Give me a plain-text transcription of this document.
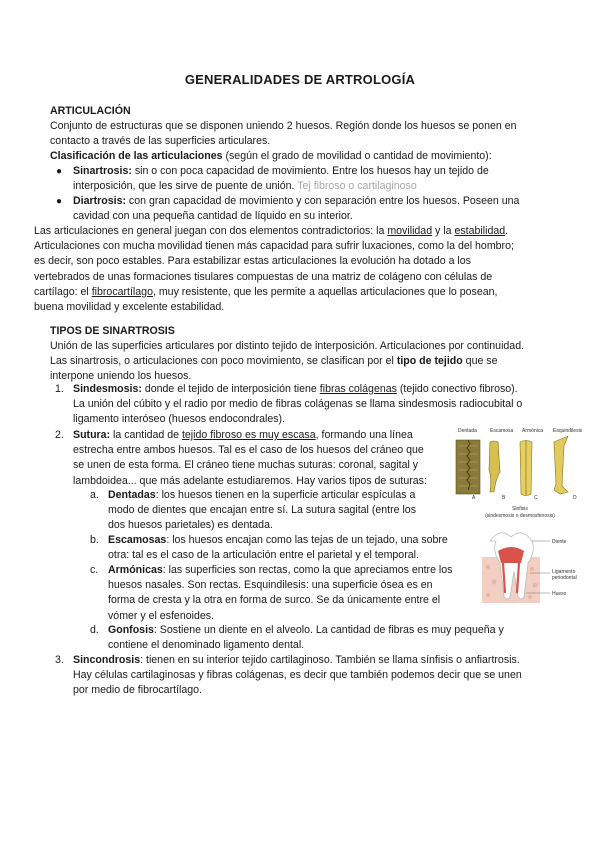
GENERALIDADES DE ARTROLOGÍA
ARTICULACIÓN

Conjunto de estructuras que se disponen uniendo 2 huesos. Región donde los huesos se ponen en

contacto a través de las superficies articulares.

Clasificación de las articulaciones (según el grado de movilidad o cantidad de movimiento):

● Sinartrosis: sin o con poca capacidad de movimiento. Entre los huesos hay un tejido de

interposición, que les sirve de puente de unión. Tej fibroso o cartilaginoso

● Diartrosis: con gran capacidad de movimiento y con separación entre los huesos. Poseen una

cavidad con una pequeña cantidad de líquido en su interior.

Las articulaciones en general juegan con dos elementos contradictorios: la movilidad y la estabilidad.

Articulaciones con mucha movilidad tienen más capacidad para sufrir luxaciones, como la del hombro;

es decir, son poco estables. Para estabilizar estas articulaciones la evolución ha dotado a los

vertebrados de unas formaciones tisulares compuestas de una matriz de colágeno con células de

cartílago: el fibrocartílago, muy resistente, que les permite a aquellas articulaciones que lo posean,

buena movilidad y excelente estabilidad.

TIPOS DE SINARTROSIS

Unión de las superficies articulares por distinto tejido de interposición. Articulaciones por continuidad.

Las sinartrosis, o articulaciones con poco movimiento, se clasifican por el tipo de tejido que se

interpone uniendo los huesos.

1. Sindesmosis: donde el tejido de interposición tiene fibras colágenas (tejido conectivo fibroso).

La unión del cúbito y el radio por medio de fibras colágenas se llama sindesmosis radiocubital o

ligamento interóseo (huesos endocondrales).

2. Sutura: la cantidad de tejido fibroso es muy escasa, formando una línea

estrecha entre ambos huesos. Tal es el caso de los huesos del cráneo que

se unen de esta forma. El cráneo tiene muchas suturas: coronal, sagital y

lambdoidea... que más adelante estudiaremos. Hay varios tipos de suturas:

a. Dentadas: los huesos tienen en la superficie articular espículas a

modo de dientes que encajan entre sí. La sutura sagital (entre los

dos huesos parietales) es dentada.

b. Escamosas: los huesos encajan como las tejas de un tejado, una sobre

otra: tal es el caso de la articulación entre el parietal y el temporal.

c. Armónicas: las superficies son rectas, como la que apreciamos entre los

huesos nasales. Son rectas. Esquindilesis: una superficie ósea es en

forma de cresta y la otra en forma de surco. Se da únicamente entre el

vómer y el esfenoides.

d. Gonfosis: Sostiene un diente en el alveolo. La cantidad de fibras es muy pequeña y

contiene el denominado ligamento dental.

3. Sincondrosis: tienen en su interior tejido cartilaginoso. También se llama sínfisis o anfiartrosis.

Hay células cartilaginosas y fibras colágenas, es decir que también podemos decir que se unen

por medio de fibrocartílago.

Dentada	Escamosa Armónica Esquindilesis
A	B	C	D
Sinfisis
(sindesmosis o desmosfenosis)
Diente
Ligamento
periodontal
Hueso
